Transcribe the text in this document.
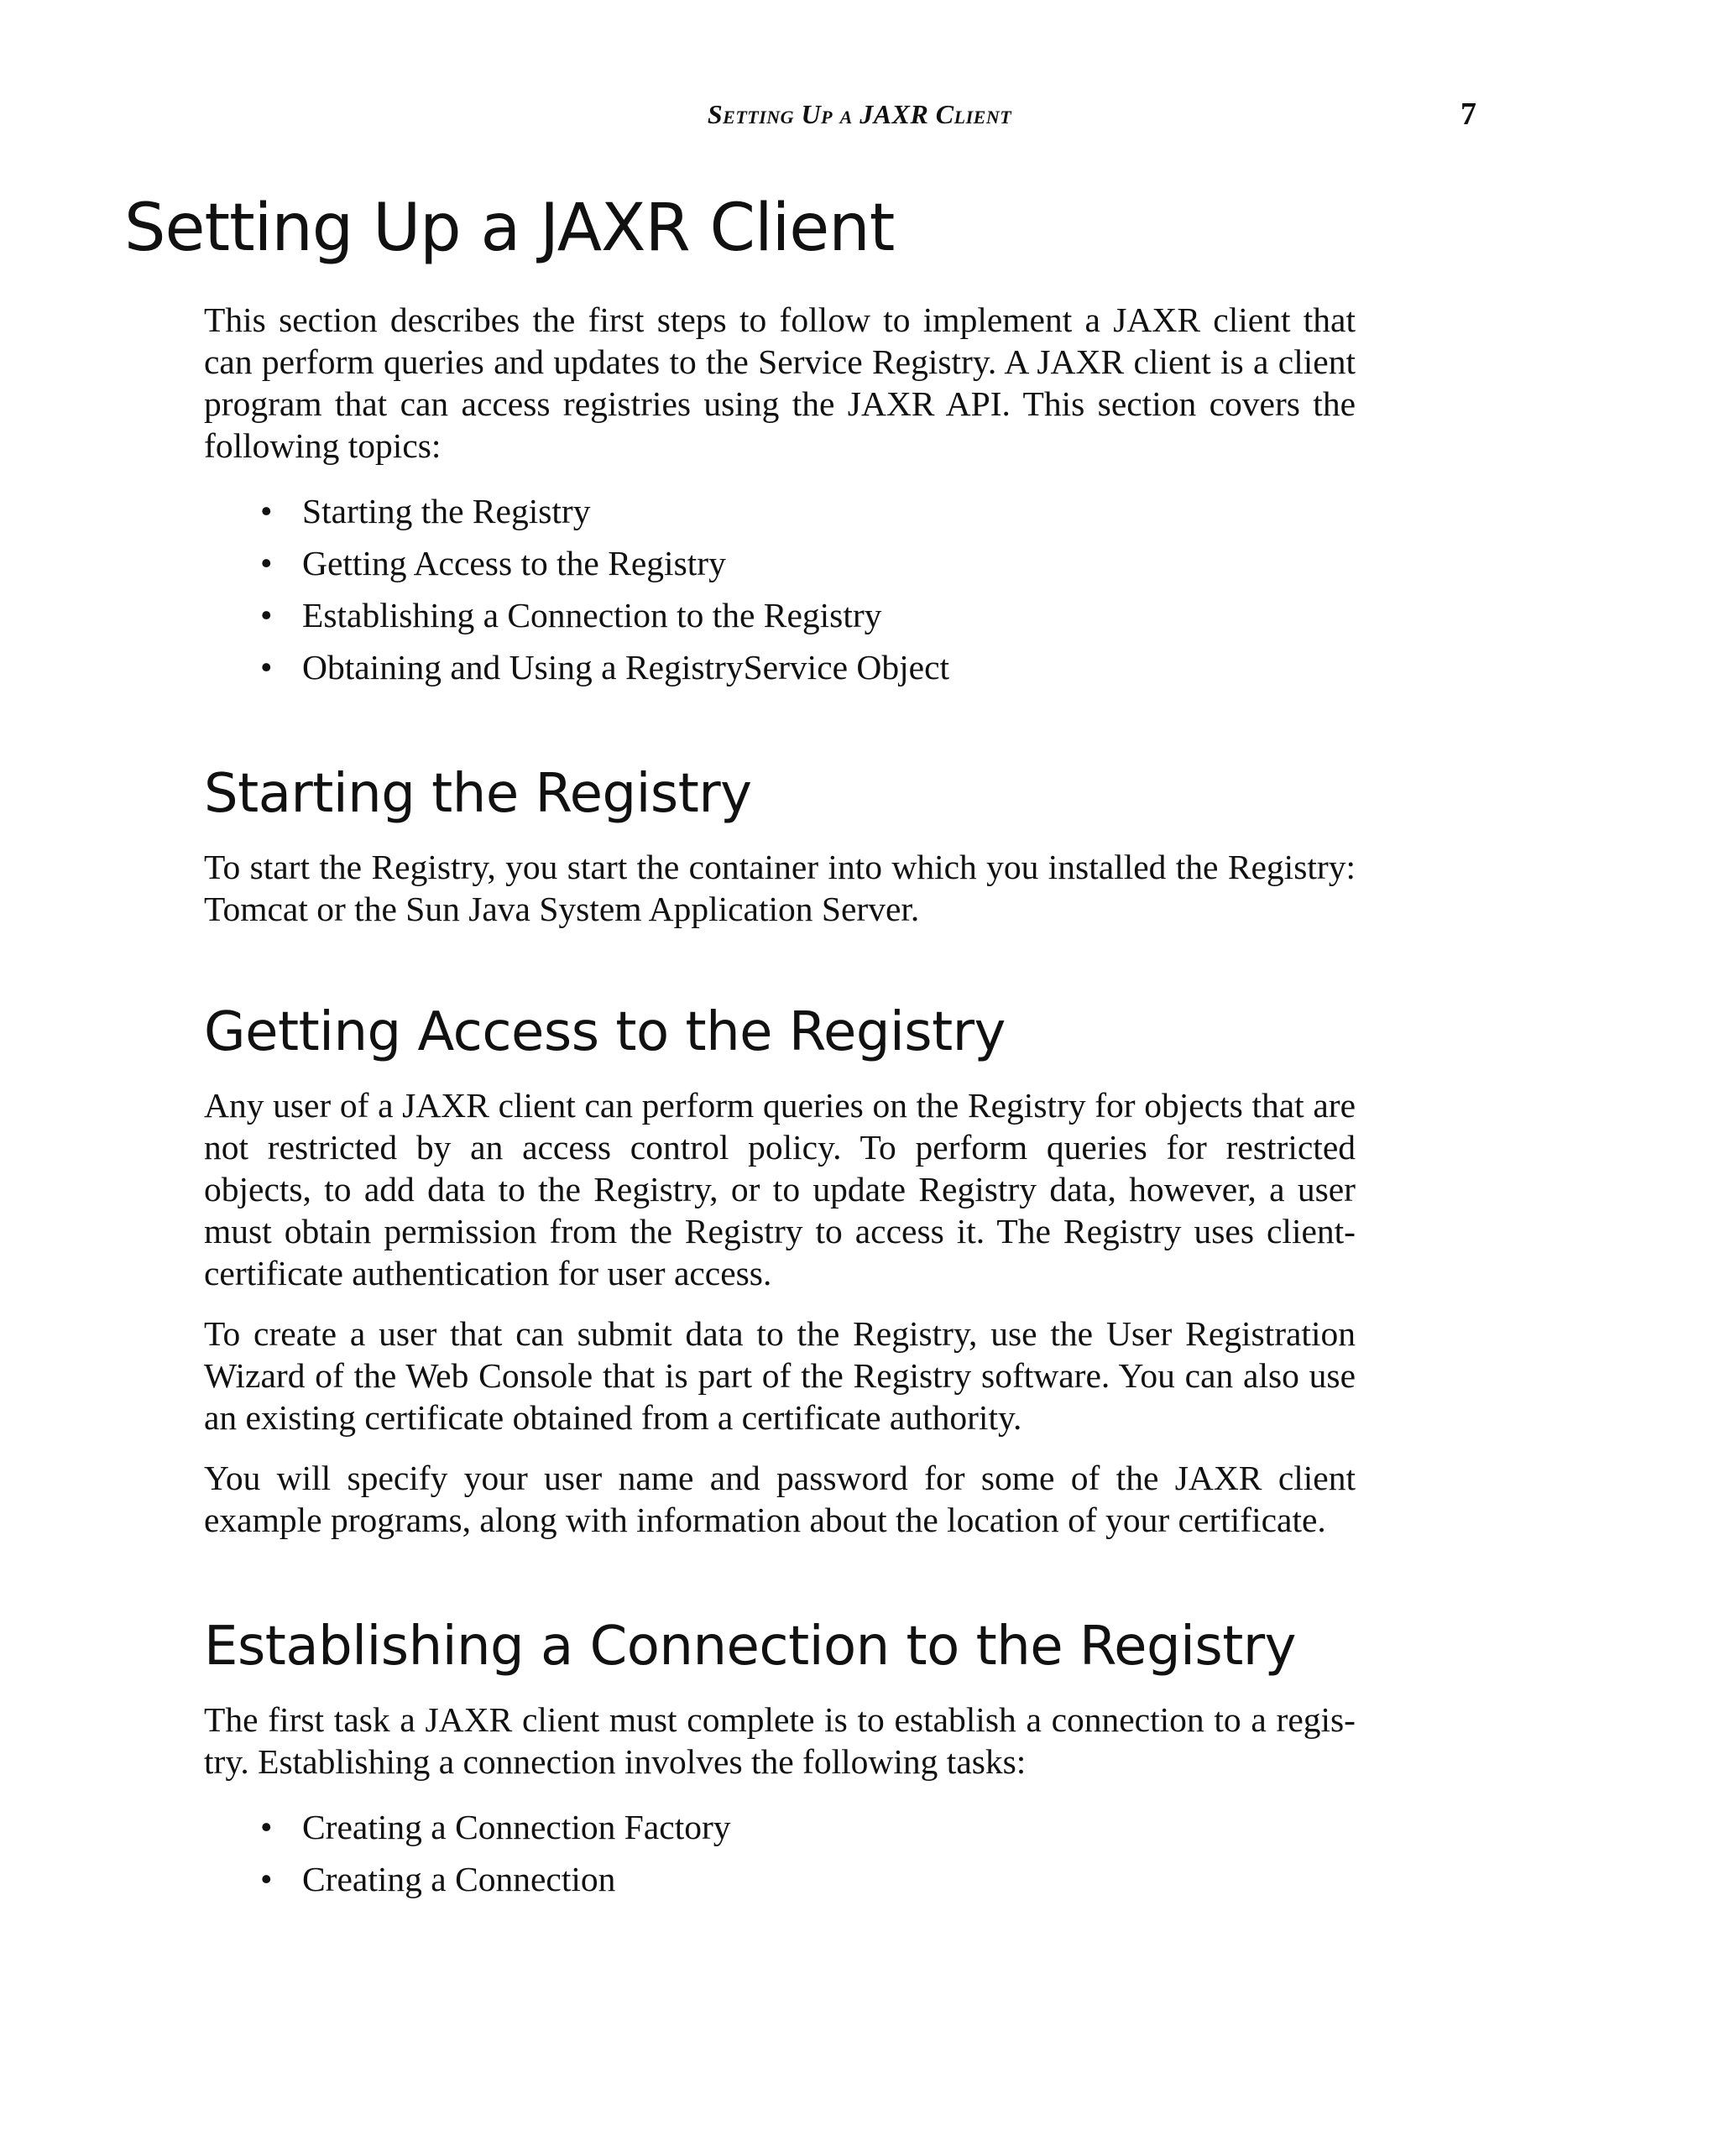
Setting Up a JAXR Client	7
Setting Up a JAXR Client

This section describes the first steps to follow to implement a JAXR client that can perform queries and updates to the Service Registry. A JAXR client is a client program that can access registries using the JAXR API. This section covers the following topics:

• Starting the Registry
• Getting Access to the Registry
• Establishing a Connection to the Registry
• Obtaining and Using a RegistryService Object
Starting the Registry

To start the Registry, you start the container into which you installed the Registry: Tomcat or the Sun Java System Application Server.

Getting Access to the Registry

Any user of a JAXR client can perform queries on the Registry for objects that are not restricted by an access control policy. To perform queries for restricted objects, to add data to the Registry, or to update Registry data, however, a user must obtain permission from the Registry to access it. The Registry uses client-certificate authentication for user access.

To create a user that can submit data to the Registry, use the User Registration Wizard of the Web Console that is part of the Registry software. You can also use an existing certificate obtained from a certificate authority.

You will specify your user name and password for some of the JAXR client example programs, along with information about the location of your certificate.

Establishing a Connection to the Registry

The first task a JAXR client must complete is to establish a connection to a registry. Establishing a connection involves the following tasks:

• Creating a Connection Factory
• Creating a Connection
